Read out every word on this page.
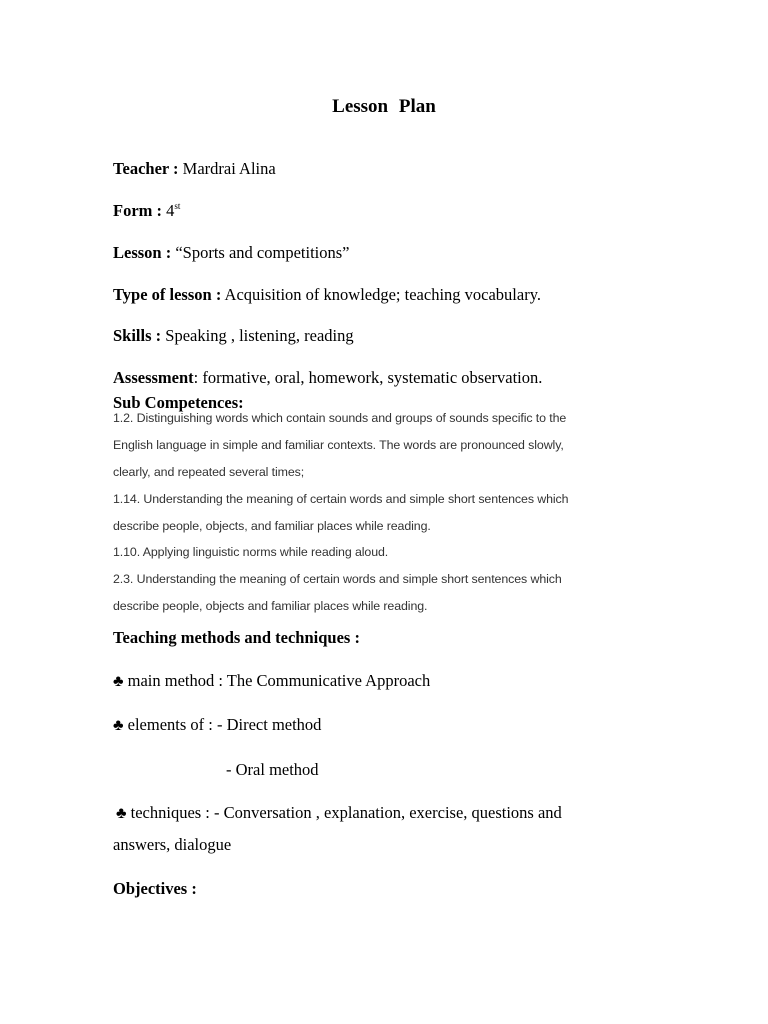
Lesson Plan
Teacher : Mardrai Alina
Form : 4st
Lesson : “Sports and competitions”
Type of lesson : Acquisition of knowledge; teaching vocabulary.
Skills : Speaking , listening, reading
Assessment: formative, oral, homework, systematic observation.
Sub Competences:
1.2. Distinguishing words which contain sounds and groups of sounds specific to the
English language in simple and familiar contexts. The words are pronounced slowly,
clearly, and repeated several times;
1.14. Understanding the meaning of certain words and simple short sentences which
describe people, objects, and familiar places while reading.
1.10. Applying linguistic norms while reading aloud.
2.3. Understanding the meaning of certain words and simple short sentences which
describe people, objects and familiar places while reading.
Teaching methods and techniques :
♣ main method : The Communicative Approach
♣ elements of : - Direct method
- Oral method
♣ techniques : - Conversation , explanation, exercise, questions and
answers, dialogue
Objectives :
